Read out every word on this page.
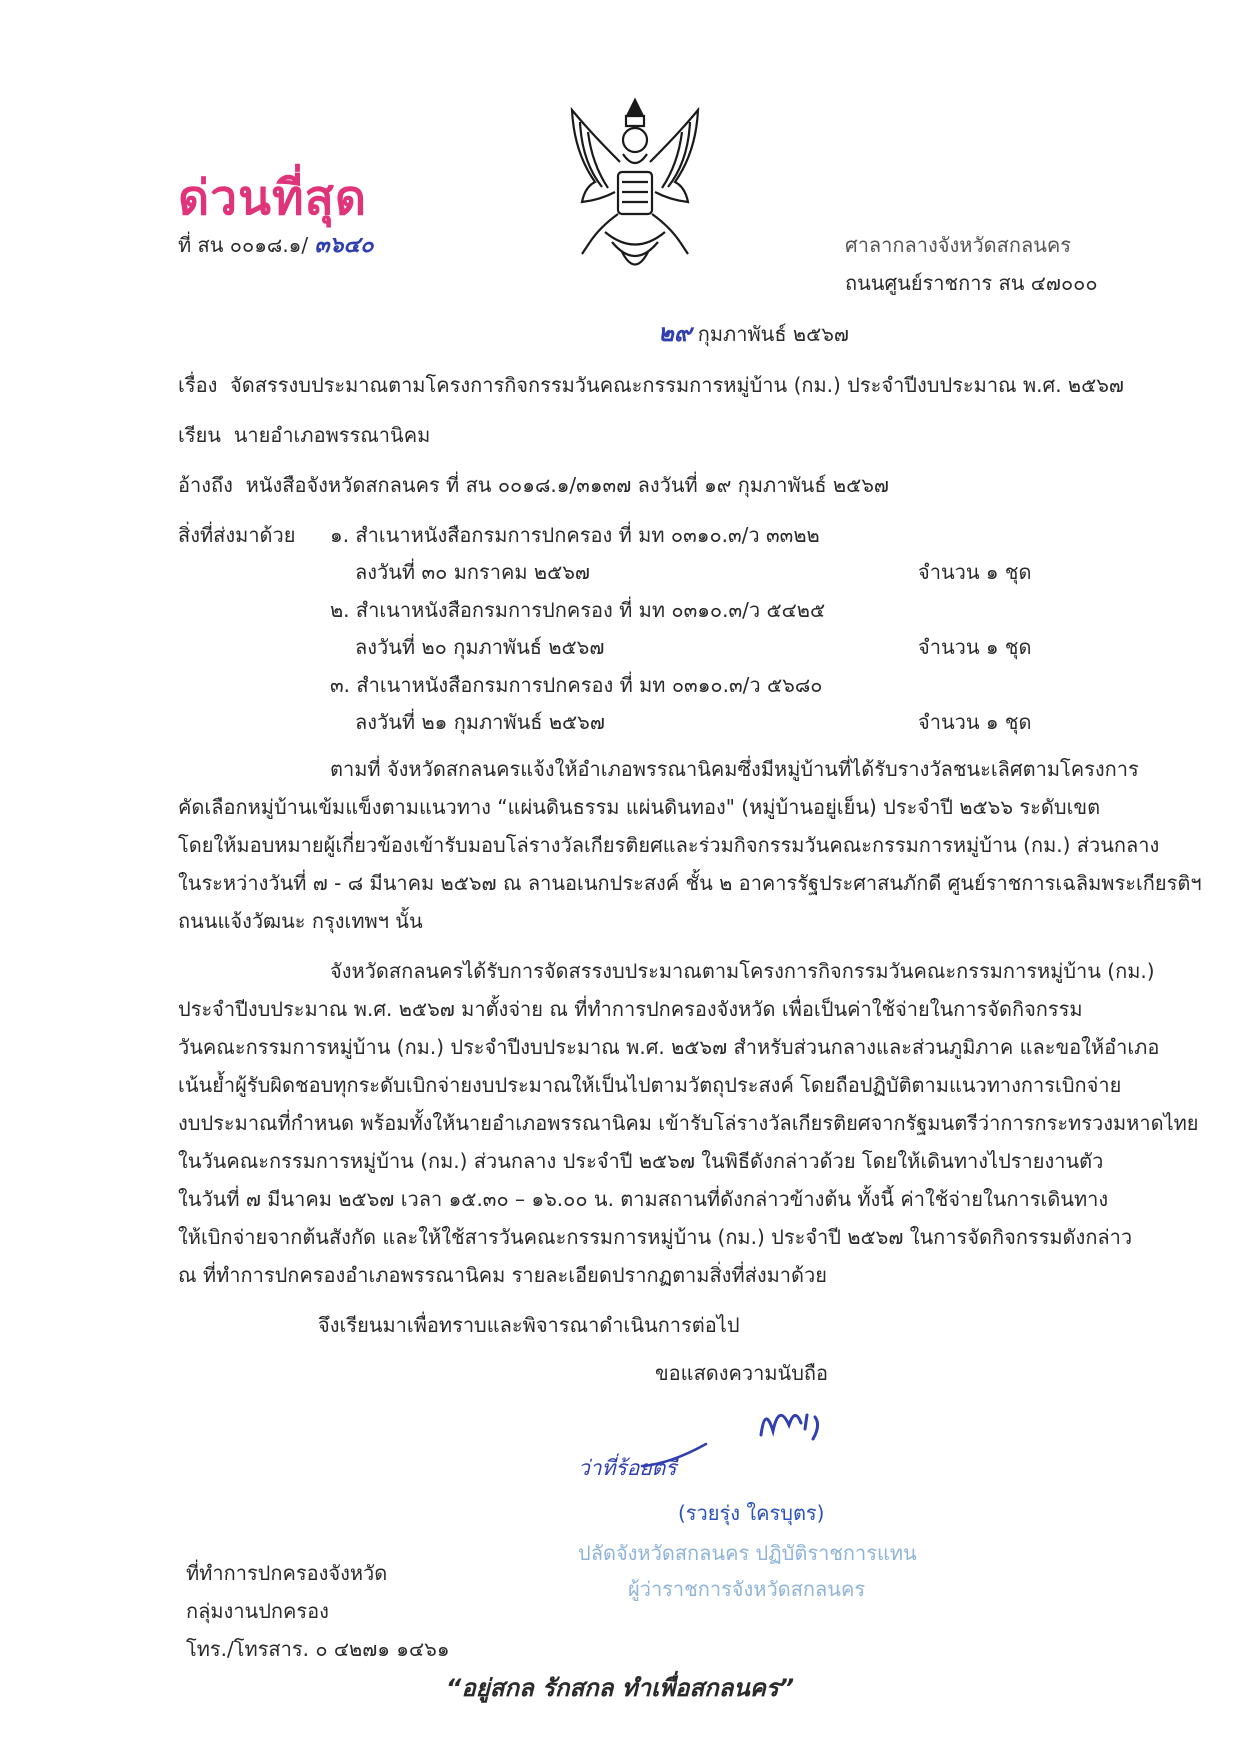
ด่วนที่สุด
ที่ สน ๐๐๑๘.๑/ ๓๖๔๐	ศาลากลางจังหวัดสกลนคร
ถนนศูนย์ราชการ สน ๔๗๐๐๐
๒๙ กุมภาพันธ์ ๒๕๖๗
เรื่อง จัดสรรงบประมาณตามโครงการกิจกรรมวันคณะกรรมการหมู่บ้าน (กม.) ประจำปีงบประมาณ พ.ศ. ๒๕๖๗
เรียน นายอำเภอพรรณานิคม
อ้างถึง หนังสือจังหวัดสกลนคร ที่ สน ๐๐๑๘.๑/๓๑๓๗ ลงวันที่ ๑๙ กุมภาพันธ์ ๒๕๖๗
สิ่งที่ส่งมาด้วย ๑. สำเนาหนังสือกรมการปกครอง ที่ มท ๐๓๑๐.๓/ว ๓๓๒๒
ลงวันที่ ๓๐ มกราคม ๒๕๖๗	จำนวน ๑ ชุด
๒. สำเนาหนังสือกรมการปกครอง ที่ มท ๐๓๑๐.๓/ว ๕๔๒๕
ลงวันที่ ๒๐ กุมภาพันธ์ ๒๕๖๗	จำนวน ๑ ชุด
๓. สำเนาหนังสือกรมการปกครอง ที่ มท ๐๓๑๐.๓/ว ๕๖๘๐
ลงวันที่ ๒๑ กุมภาพันธ์ ๒๕๖๗	จำนวน ๑ ชุด
ตามที่ จังหวัดสกลนครแจ้งให้อำเภอพรรณานิคมซึ่งมีหมู่บ้านที่ได้รับรางวัลชนะเลิศตามโครงการ
คัดเลือกหมู่บ้านเข้มแข็งตามแนวทาง “แผ่นดินธรรม แผ่นดินทอง" (หมู่บ้านอยู่เย็น) ประจำปี ๒๕๖๖ ระดับเขต
โดยให้มอบหมายผู้เกี่ยวข้องเข้ารับมอบโล่รางวัลเกียรติยศและร่วมกิจกรรมวันคณะกรรมการหมู่บ้าน (กม.) ส่วนกลาง
ในระหว่างวันที่ ๗ - ๘ มีนาคม ๒๕๖๗ ณ ลานอเนกประสงค์ ชั้น ๒ อาคารรัฐประศาสนภักดี ศูนย์ราชการเฉลิมพระเกียรติฯ
ถนนแจ้งวัฒนะ กรุงเทพฯ นั้น
จังหวัดสกลนครได้รับการจัดสรรงบประมาณตามโครงการกิจกรรมวันคณะกรรมการหมู่บ้าน (กม.)
ประจำปีงบประมาณ พ.ศ. ๒๕๖๗ มาตั้งจ่าย ณ ที่ทำการปกครองจังหวัด เพื่อเป็นค่าใช้จ่ายในการจัดกิจกรรม
วันคณะกรรมการหมู่บ้าน (กม.) ประจำปีงบประมาณ พ.ศ. ๒๕๖๗ สำหรับส่วนกลางและส่วนภูมิภาค และขอให้อำเภอ
เน้นย้ำผู้รับผิดชอบทุกระดับเบิกจ่ายงบประมาณให้เป็นไปตามวัตถุประสงค์ โดยถือปฏิบัติตามแนวทางการเบิกจ่าย
งบประมาณที่กำหนด พร้อมทั้งให้นายอำเภอพรรณานิคม เข้ารับโล่รางวัลเกียรติยศจากรัฐมนตรีว่าการกระทรวงมหาดไทย
ในวันคณะกรรมการหมู่บ้าน (กม.) ส่วนกลาง ประจำปี ๒๕๖๗ ในพิธีดังกล่าวด้วย โดยให้เดินทางไปรายงานตัว
ในวันที่ ๗ มีนาคม ๒๕๖๗ เวลา ๑๕.๓๐ – ๑๖.๐๐ น. ตามสถานที่ดังกล่าวข้างต้น ทั้งนี้ ค่าใช้จ่ายในการเดินทาง
ให้เบิกจ่ายจากต้นสังกัด และให้ใช้สารวันคณะกรรมการหมู่บ้าน (กม.) ประจำปี ๒๕๖๗ ในการจัดกิจกรรมดังกล่าว
ณ ที่ทำการปกครองอำเภอพรรณานิคม รายละเอียดปรากฏตามสิ่งที่ส่งมาด้วย
จึงเรียนมาเพื่อทราบและพิจารณาดำเนินการต่อไป
ขอแสดงความนับถือ
ว่าที่ร้อยตรี
(รวยรุ่ง ใครบุตร)
ปลัดจังหวัดสกลนคร ปฏิบัติราชการแทน
ผู้ว่าราชการจังหวัดสกลนคร
ที่ทำการปกครองจังหวัด
กลุ่มงานปกครอง
โทร./โทรสาร. ๐ ๔๒๗๑ ๑๔๖๑
“อยู่สกล รักสกล ทำเพื่อสกลนคร”
